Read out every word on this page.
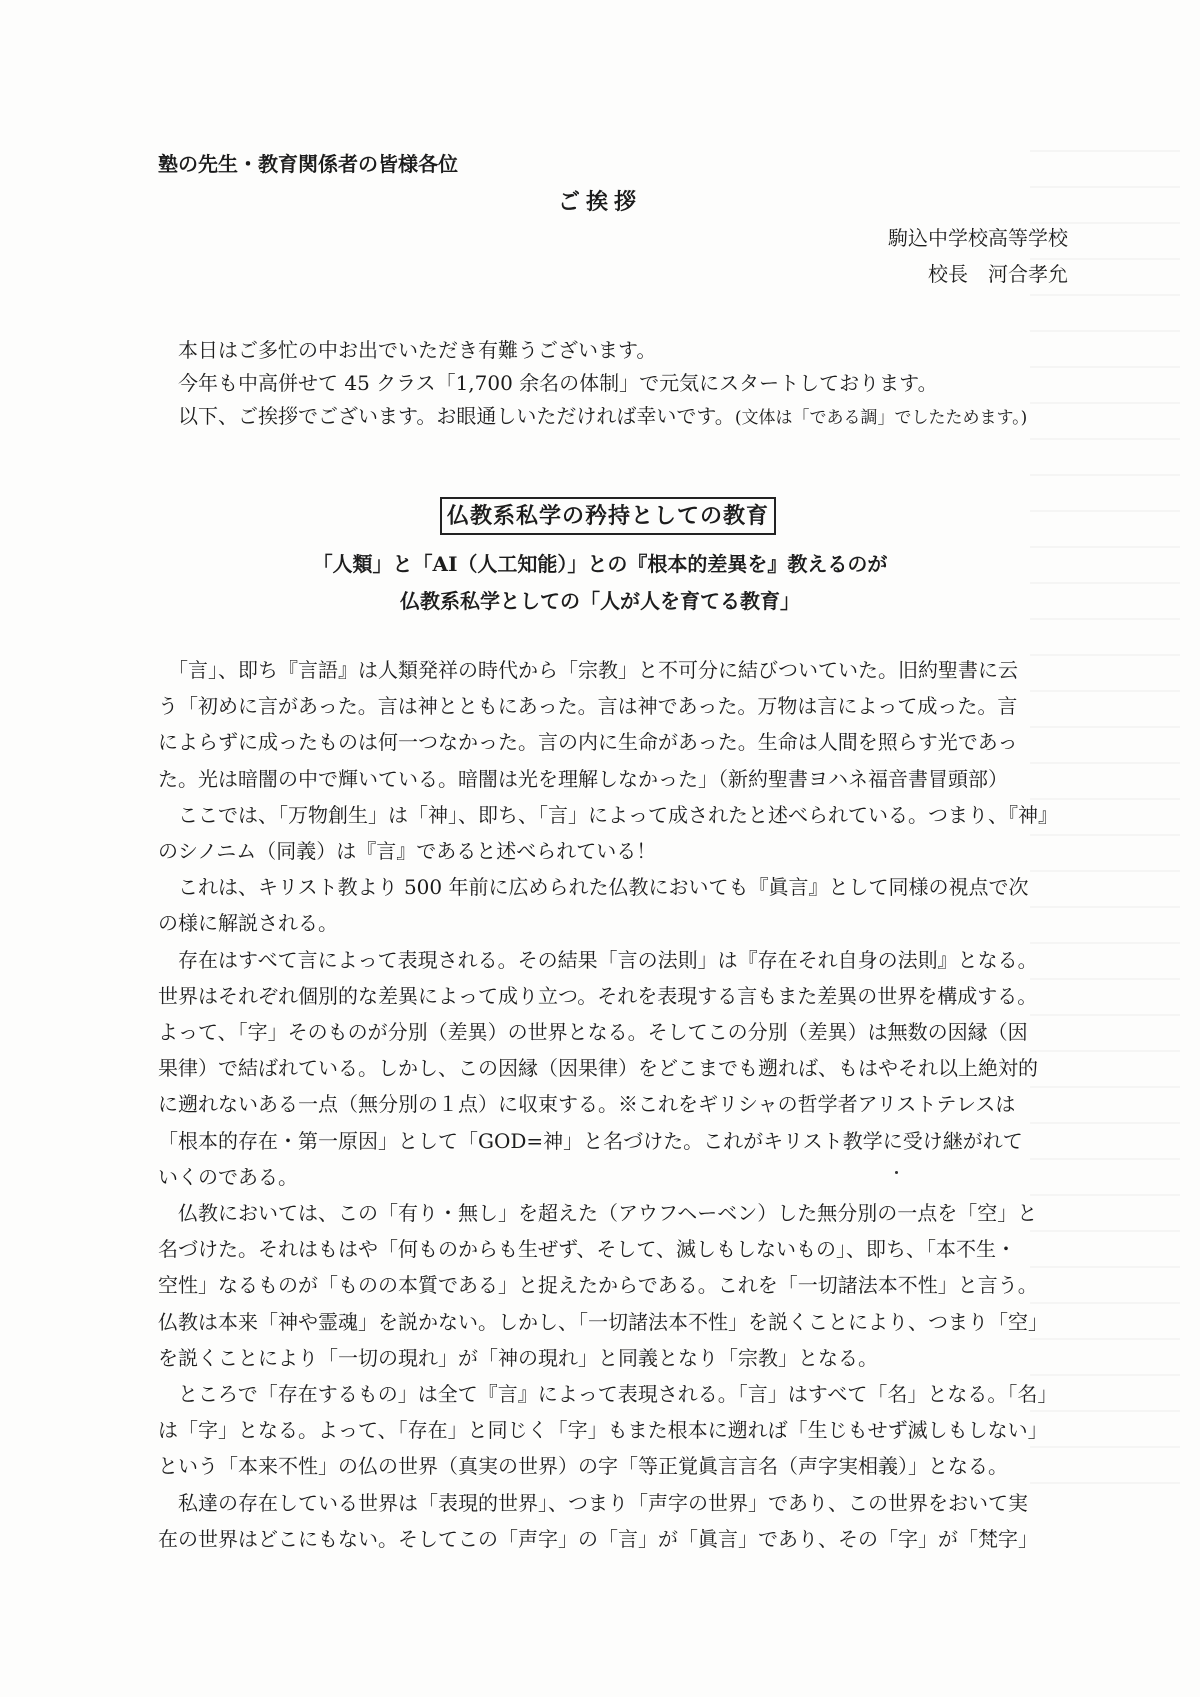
塾の先生・教育関係者の皆様各位
ご挨拶
駒込中学校高等学校
校長　河合孝允
本日はご多忙の中お出でいただき有難うございます。
今年も中高併せて 45 クラス「1,700 余名の体制」で元気にスタートしております。
以下、ご挨拶でございます。お眼通しいただければ幸いです。(文体は「である調」でしたためます。)
仏教系私学の矜持としての教育
「人類」と「AI（人工知能）」との『根本的差異を』教えるのが
仏教系私学としての「人が人を育てる教育」
　「言」、即ち『言語』は人類発祥の時代から「宗教」と不可分に結びついていた。旧約聖書に云
う「初めに言があった。言は神とともにあった。言は神であった。万物は言によって成った。言
によらずに成ったものは何一つなかった。言の内に生命があった。生命は人間を照らす光であっ
た。光は暗闇の中で輝いている。暗闇は光を理解しなかった」（新約聖書ヨハネ福音書冒頭部）
　ここでは、「万物創生」は「神」、即ち、「言」によって成されたと述べられている。つまり、『神』
のシノニム（同義）は『言』であると述べられている！
　これは、キリスト教より 500 年前に広められた仏教においても『眞言』として同様の視点で次
の様に解説される。
　存在はすべて言によって表現される。その結果「言の法則」は『存在それ自身の法則』となる。
世界はそれぞれ個別的な差異によって成り立つ。それを表現する言もまた差異の世界を構成する。
よって、「字」そのものが分別（差異）の世界となる。そしてこの分別（差異）は無数の因縁（因
果律）で結ばれている。しかし、この因縁（因果律）をどこまでも遡れば、もはやそれ以上絶対的
に遡れないある一点（無分別の１点）に収束する。※これをギリシャの哲学者アリストテレスは
「根本的存在・第一原因」として「GOD=神」と名づけた。これがキリスト教学に受け継がれて
いくのである。
　仏教においては、この「有り・無し」を超えた（アウフヘーベン）した無分別の一点を「空」と
名づけた。それはもはや「何ものからも生ぜず、そして、滅しもしないもの」、即ち、「本不生・
空性」なるものが「ものの本質である」と捉えたからである。これを「一切諸法本不性」と言う。
仏教は本来「神や霊魂」を説かない。しかし、「一切諸法本不性」を説くことにより、つまり「空」
を説くことにより「一切の現れ」が「神の現れ」と同義となり「宗教」となる。
　ところで「存在するもの」は全て『言』によって表現される。「言」はすべて「名」となる。「名」
は「字」となる。よって、「存在」と同じく「字」もまた根本に遡れば「生じもせず滅しもしない」
という「本来不性」の仏の世界（真実の世界）の字「等正覚眞言言名（声字実相義）」となる。
　私達の存在している世界は「表現的世界」、つまり「声字の世界」であり、この世界をおいて実
在の世界はどこにもない。そしてこの「声字」の「言」が「眞言」であり、その「字」が「梵字」
